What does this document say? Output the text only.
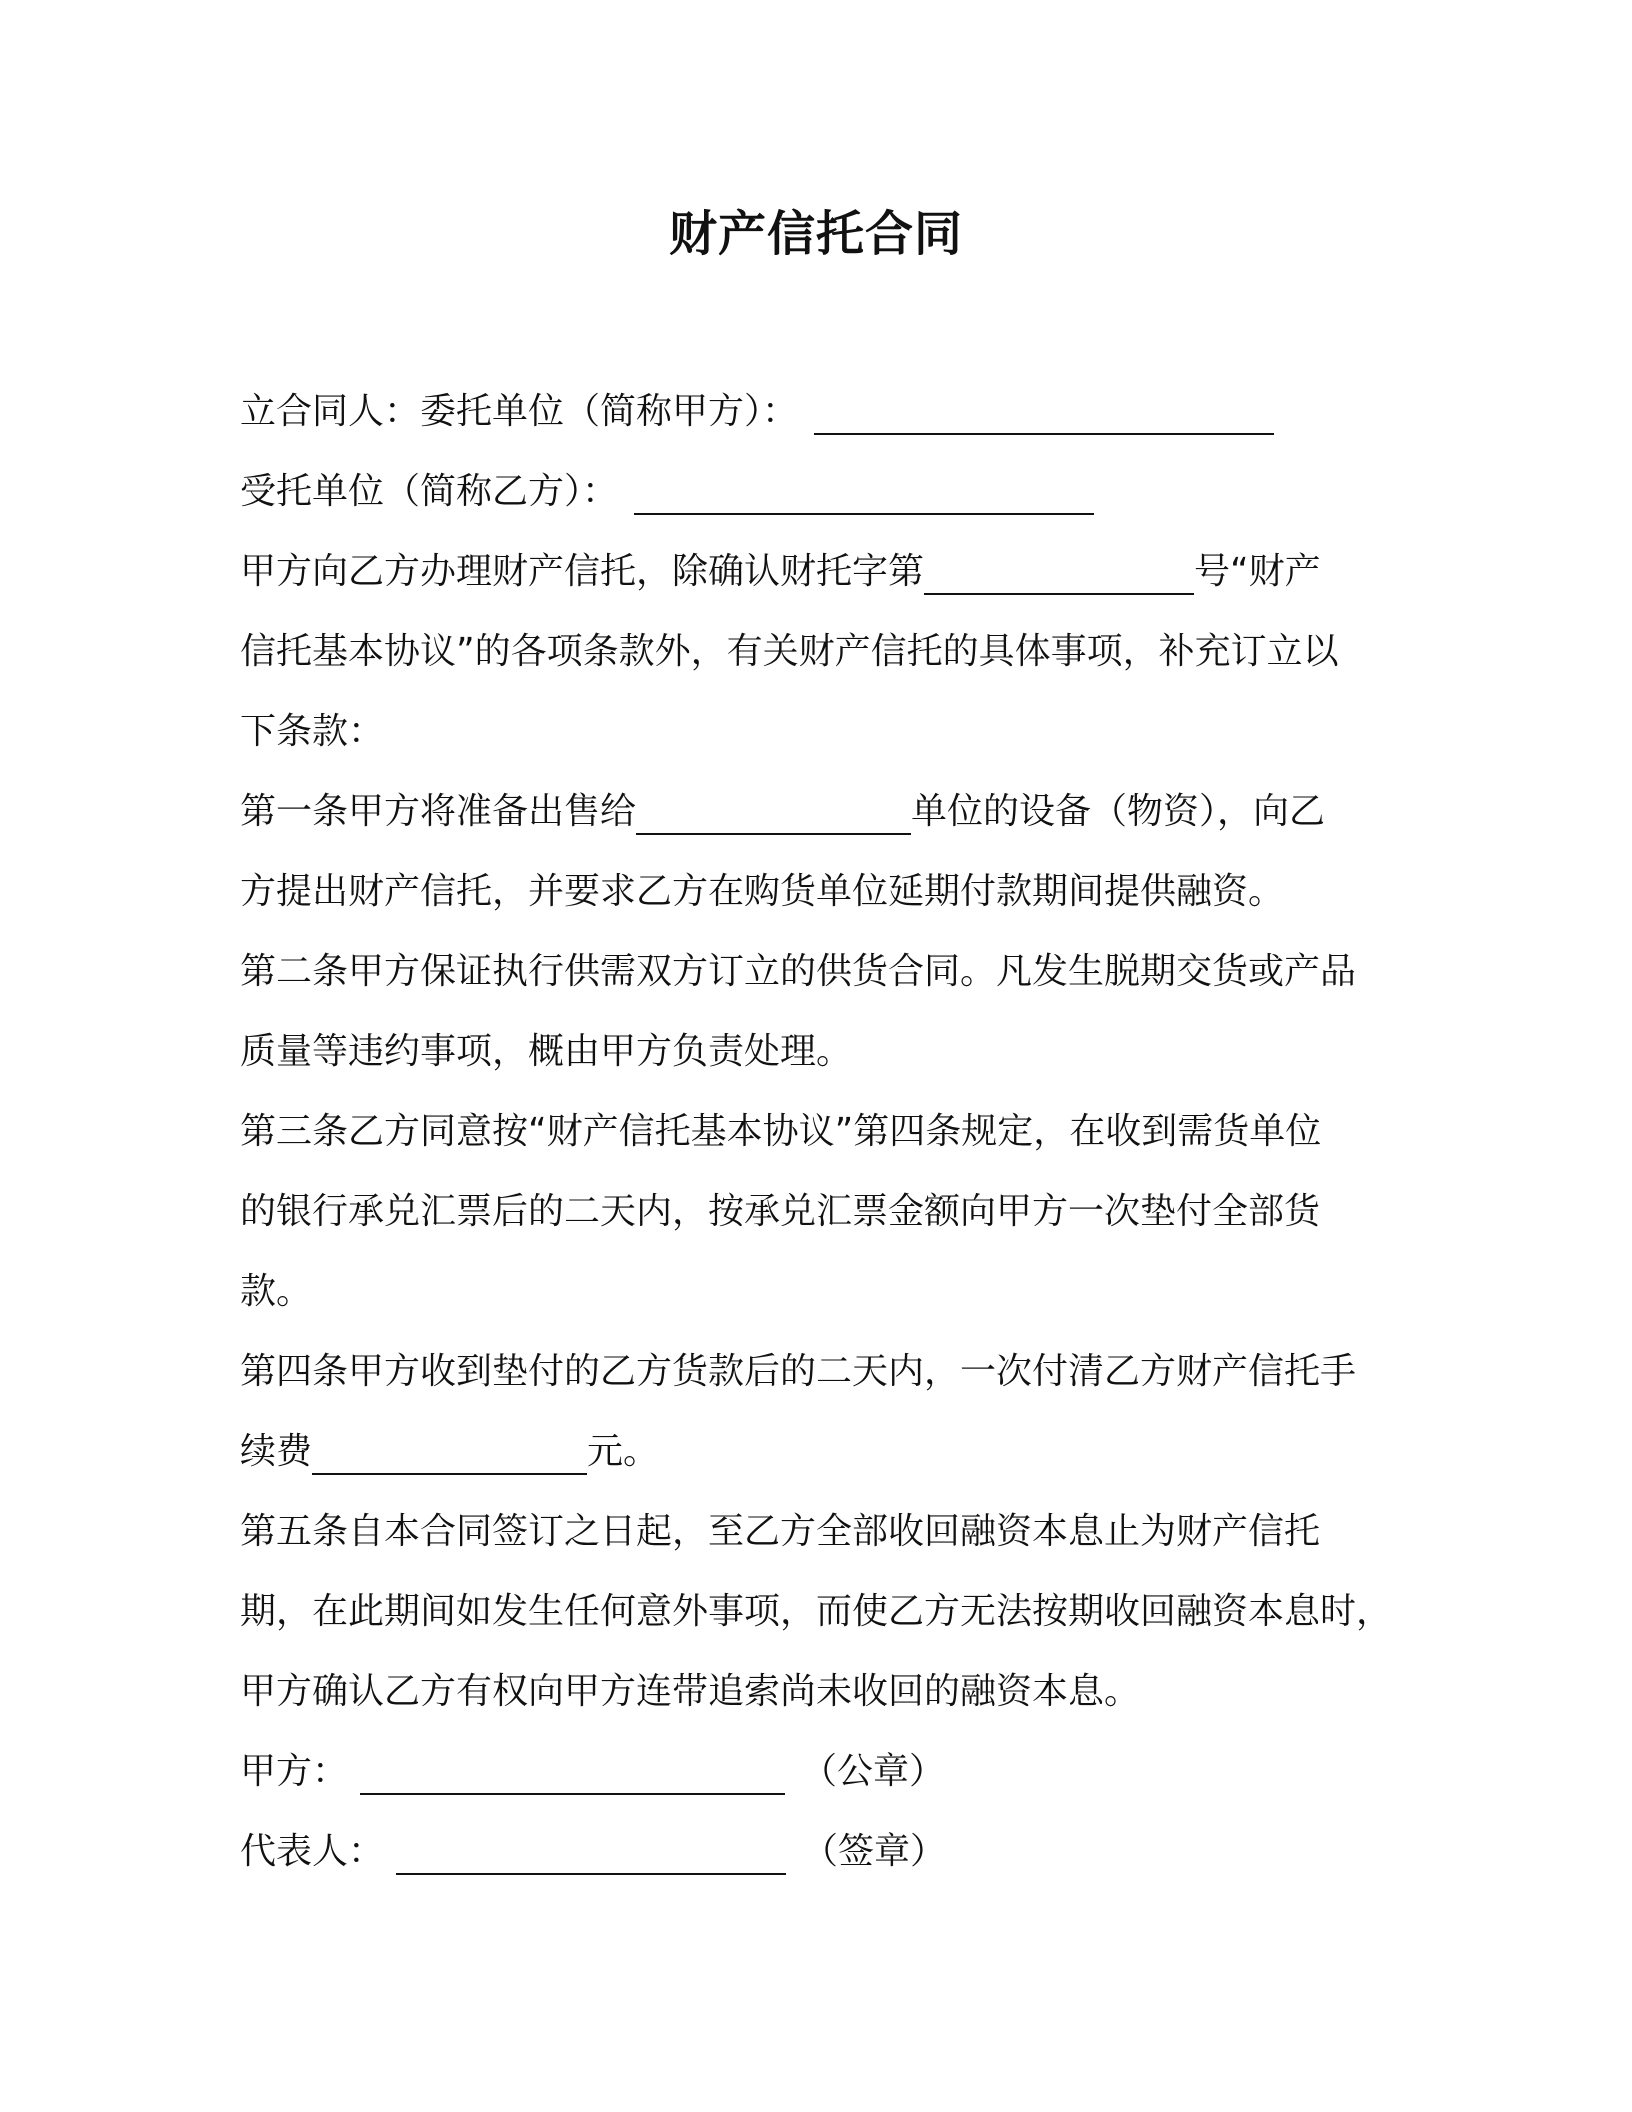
财产信托合同
立合同人：委托单位（简称甲方）：
受托单位（简称乙方）：
甲方向乙方办理财产信托，除确认财托字第	号“财产
信托基本协议”的各项条款外，有关财产信托的具体事项，补充订立以
下条款：
第一条甲方将准备出售给	单位的设备（物资），向乙
方提出财产信托，并要求乙方在购货单位延期付款期间提供融资。
第二条甲方保证执行供需双方订立的供货合同。凡发生脱期交货或产品
质量等违约事项，概由甲方负责处理。
第三条乙方同意按“财产信托基本协议”第四条规定，在收到需货单位
的银行承兑汇票后的二天内，按承兑汇票金额向甲方一次垫付全部货
款。
第四条甲方收到垫付的乙方货款后的二天内，一次付清乙方财产信托手
续费	元。
第五条自本合同签订之日起，至乙方全部收回融资本息止为财产信托
期，在此期间如发生任何意外事项，而使乙方无法按期收回融资本息时，
甲方确认乙方有权向甲方连带追索尚未收回的融资本息。
甲方：	（公章）
代表人：	（签章）
